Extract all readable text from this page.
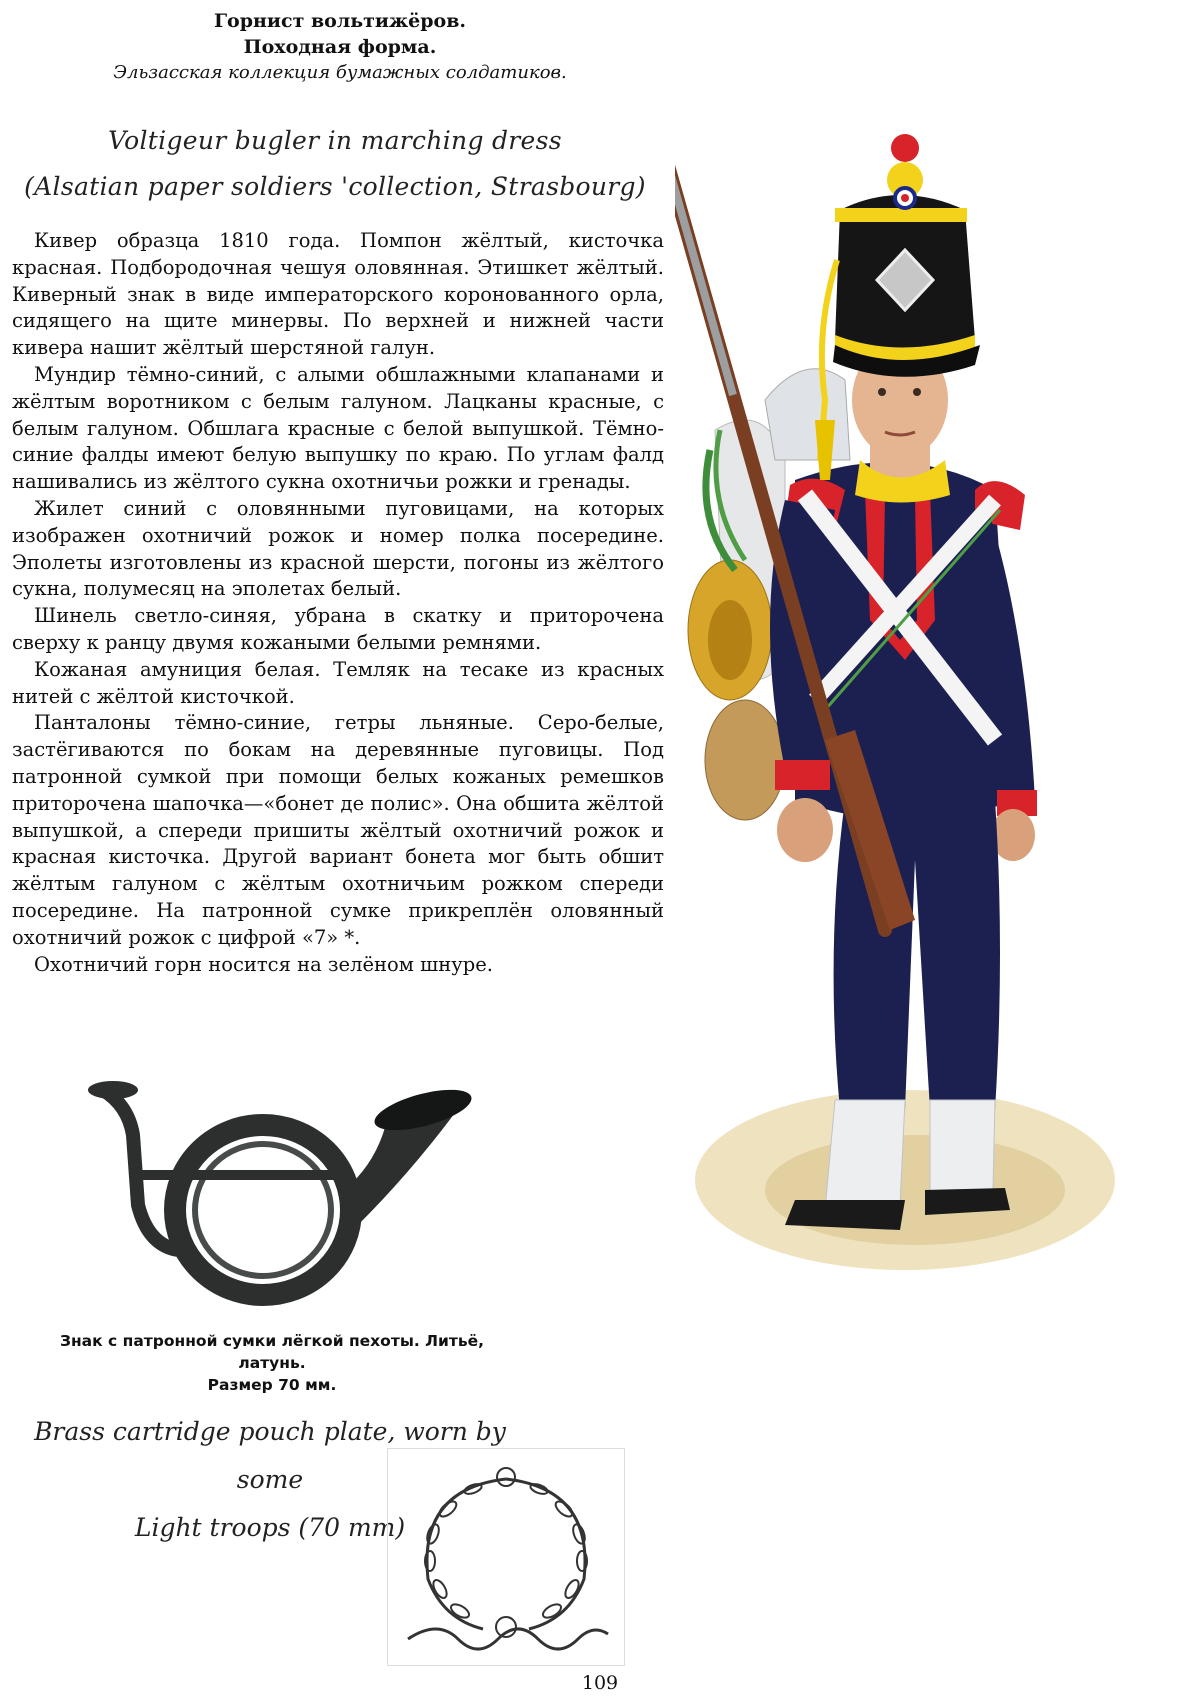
Горнист вольтижёров.
Походная форма.
Эльзасская коллекция бумажных солдатиков.
Voltigeur bugler in marching dress
(Alsatian paper soldiers 'collection, Strasbourg)

Кивер образца 1810 года. Помпон жёлтый, кисточка красная. Подбородочная чешуя оловянная. Этишкет жёлтый. Киверный знак в виде императорского коронованного орла, сидящего на щите минервы. По верхней и нижней части кивера нашит жёлтый шерстяной галун.

Мундир тёмно-синий, с алыми обшлажными клапанами и жёлтым воротником с белым галуном. Лацканы красные, с белым галуном. Обшлага красные с белой выпушкой. Тёмно-синие фалды имеют белую выпушку по краю. По углам фалд нашивались из жёлтого сукна охотничьи рожки и гренады.

Жилет синий с оловянными пуговицами, на которых изображен охотничий рожок и номер полка посередине. Эполеты изготовлены из красной шерсти, погоны из жёлтого сукна, полумесяц на эполетах белый.

Шинель светло-синяя, убрана в скатку и приторочена сверху к ранцу двумя кожаными белыми ремнями.

Кожаная амуниция белая. Темляк на тесаке из красных нитей с жёлтой кисточкой.

Панталоны тёмно-синие, гетры льняные. Серо-белые, застёгиваются по бокам на деревянные пуговицы. Под патронной сумкой при помощи белых кожаных ремешков приторочена шапочка—«бонет де полис». Она обшита жёлтой выпушкой, а спереди пришиты жёлтый охотничий рожок и красная кисточка. Другой вариант бонета мог быть обшит жёлтым галуном с жёлтым охотничьим рожком спереди посередине. На патронной сумке прикреплён оловянный охотничий рожок с цифрой «7» *.

Охотничий горн носится на зелёном шнуре.

Знак с патронной сумки лёгкой пехоты. Литьё,
латунь.
Размер 70 мм.
Brass cartridge pouch plate, worn by some
Light troops (70 mm)
109
